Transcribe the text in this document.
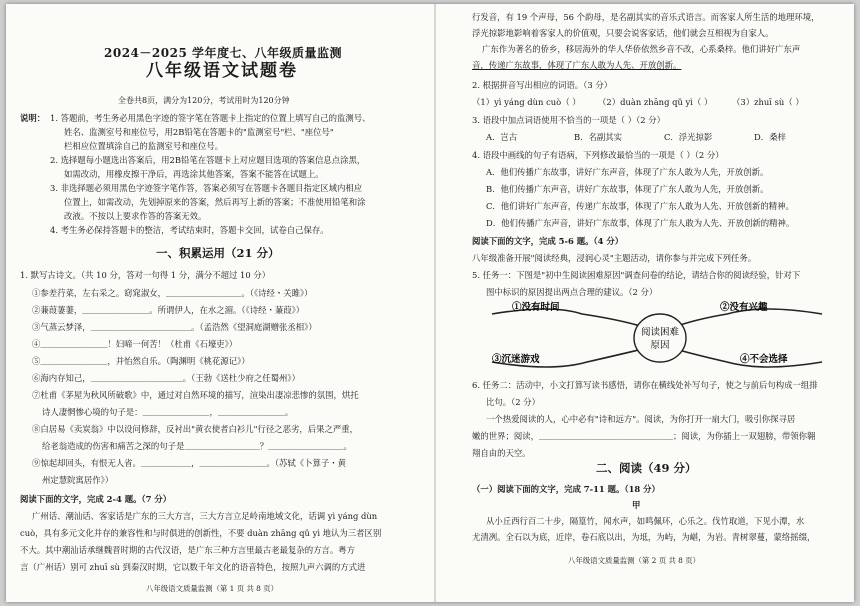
2024－2025 学年度七、八年级质量监测
八年级语文试题卷
全卷共8页，满分为120分，考试用时为120分钟
说明： 1. 答题前，考生务必用黑色字迹的签字笔在答题卡上指定的位置上填写自己的监测号、
姓名、监测室号和座位号，用2B铅笔在答题卡的"监测室号"栏、"座位号"
栏相应位置填涂自己的监测室号和座位号。
2. 选择题每小题选出答案后，用2B铅笔在答题卡上对应题目选项的答案信息点涂黑，
如需改动，用橡皮擦干净后，再选涂其他答案，答案不能答在试题上。
3. 非选择题必须用黑色字迹签字笔作答，答案必须写在答题卡各题目指定区域内相应
位置上，如需改动，先划掉原来的答案，然后再写上新的答案；不准使用铅笔和涂
改液。不按以上要求作答的答案无效。
4. 考生务必保持答题卡的整洁，考试结束时，答题卡交回，试卷自己保存。
一、积累运用（21 分）
1. 默写古诗文。（共 10 分，答对一句得 1 分，满分不超过 10 分）
①参差荇菜，左右采之。窈窕淑女，＿＿＿＿＿＿＿＿＿。（《诗经・关雎》）
②蒹葭萋萋，＿＿＿＿＿＿＿＿。所谓伊人，在水之湄。（《诗经・蒹葭》）
③气蒸云梦泽，＿＿＿＿＿＿＿＿＿＿＿＿。（孟浩然《望洞庭湖赠张丞相》）
④＿＿＿＿＿＿＿＿！妇啼一何苦！（杜甫《石壕吏》）
⑤＿＿＿＿＿＿＿＿，并怡然自乐。（陶渊明《桃花源记》）
⑥海内存知己，＿＿＿＿＿＿＿＿＿＿＿。（王勃《送杜少府之任蜀州》）
⑦杜甫《茅屋为秋风所破歌》中，通过对自然环境的描写，渲染出凄凉悲惨的氛围，烘托
诗人凄惘惨心境的句子是：＿＿＿＿＿＿＿＿，＿＿＿＿＿＿＿＿。
⑧白居易《卖炭翁》中以设问修辞，反衬出"黄衣使者白衫儿"行径之恶劣，后果之严重，
给老翁造成的伤害和痛苦之深的句子是＿＿＿＿＿＿＿＿＿？＿＿＿＿＿＿＿＿＿。
⑨惊起却回头，有恨无人省。＿＿＿＿＿＿，＿＿＿＿＿＿＿＿。（苏轼《卜算子・黄
州定慧院寓居作》）
阅读下面的文字，完成 2-4 题。（7 分）
广州话、潮汕话、客家话是广东的三大方言，三大方言立足岭南地域文化，话调 yì yáng dùn
cuò，具有多元文化并存的兼容性和与时俱进的创新性，不要 duàn zhāng qǔ yì 地认为三者区别
不大。其中潮汕话承继魏晋时期的古代汉语，是广东三种方言里最古老最复杂的方言。粤方
言（广州话）别可 zhuī sù 到秦汉时期，它以数千年文化的语音特色，按照九声六调的方式进
八年级语文质量监测（第 1 页 共 8 页）
行发音，有 19 个声母，56 个韵母，是名副其实的音乐式语言。而客家人所生活的地理环境，
浮光掠影地影响着客家人的价值观，只要会说客家话，他们就会互相视为自家人。
广东作为著名的侨乡，移居海外的华人华侨依然乡音不改，心系桑梓。他们讲好广东声
音，传递广东故事，体现了广东人敢为人先、开放创新。
2. 根据拼音写出相应的词语。（3 分）
（1）yì yáng dùn cuò（ ） （2）duàn zhāng qǔ yì（ ） （3）zhuī sù（ ）
3. 语段中加点词语使用不恰当的一项是（ ）（2 分）
A．岂古	B．名副其实	C．浮光掠影	D．桑梓
4. 语段中画线的句子有语病，下列修改最恰当的一项是（ ）（2 分）
A．他们传播广东故事，讲好广东声音，体现了广东人敢为人先，开放创新。
B．他们传播广东声音，讲好广东故事，体现了广东人敢为人先，开放创新。
C．他们讲好广东声音，传递广东故事，体现了广东人敢为人先、开放创新的精神。
D．他们传播广东声音，讲好广东故事，体现了广东人敢为人先、开放创新的精神。
阅读下面的文字，完成 5-6 题。（4 分）
八年级准备开展"阅读经典，浸润心灵"主题活动，请你参与并完成下列任务。
5. 任务一：下图是"初中生阅读困难原因"调查问卷的结论，请结合你的阅读经验，针对下
图中标识的原因提出两点合理的建议。（2 分）
阅读困难
原因
①没有时间	②没有兴趣
③沉迷游戏	④不会选择
6. 任务二：活动中，小文打算写读书感悟，请你在横线处补写句子，使之与前后句构成一组排
比句。（2 分）
一个热爱阅读的人，心中必有"诗和远方"。阅读，为你打开一扇大门，吸引你探寻居
嫩的世界；阅读，＿＿＿＿＿＿＿＿＿＿＿＿＿＿＿＿；阅读，为你插上一双翅膀，带领你翱
翔自由的天空。
二、阅读（49 分）
（一）阅读下面的文字，完成 7-11 题。（18 分）
甲
从小丘西行百二十步，隔篁竹，闻水声，如鸣佩环，心乐之。伐竹取道，下见小潭，水
尤清冽。全石以为底，近岸，卷石底以出，为坻，为屿，为嵁，为岩。青树翠蔓，蒙络摇缀，
八年级语文质量监测（第 2 页 共 8 页）
